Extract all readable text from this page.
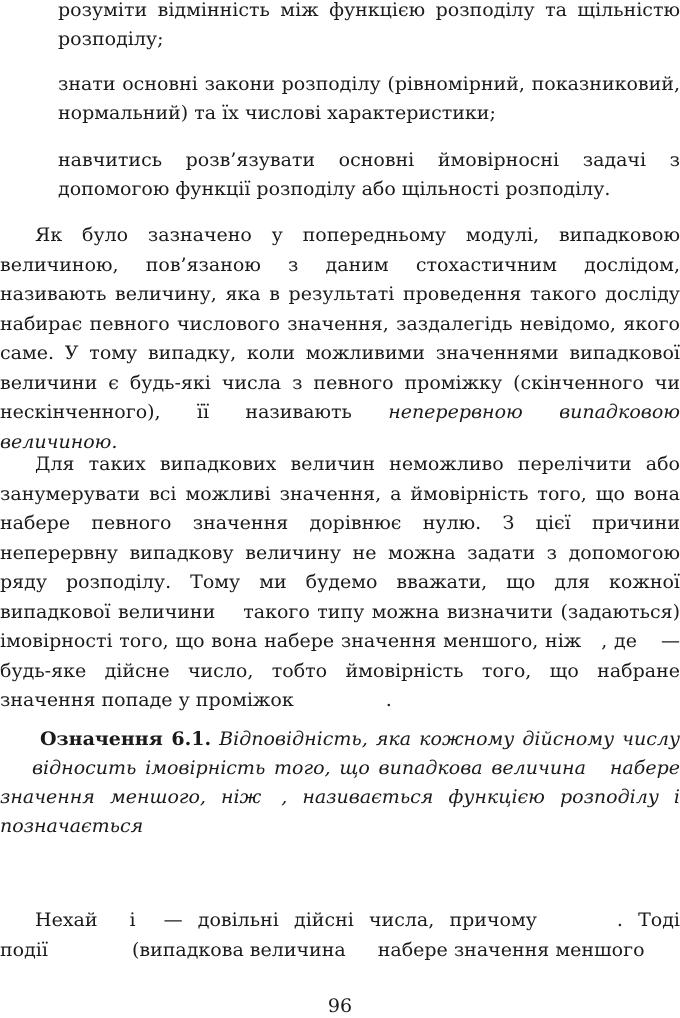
розуміти відмінність між функцією розподілу та щільністю розподілу;
знати основні закони розподілу (рівномірний, показниковий, нормальний) та їх числові характеристики;
навчитись розв’язувати основні ймовірносні задачі з допомогою функції розподілу або щільності розподілу.
Як було зазначено у попередньому модулі, випадковою величиною, пов’язаною з даним стохастичним дослідом, називають величину, яка в результаті проведення такого досліду набирає певного числового значення, заздалегідь невідомо, якого саме. У тому випадку, коли можливими значеннями випадкової величини є будь-які числа з певного проміжку (скінченного чи нескінченного), її називають неперервною випадковою величиною.
Для таких випадкових величин неможливо перелічити або занумерувати всі можливі значення, а ймовірність того, що вона набере певного значення дорівнює нулю. З цієї причини неперервну випадкову величину не можна задати з допомогою ряду розподілу. Тому ми будемо вважати, що для кожної випадкової величини такого типу можна визначити (задаються) імовірності того, що вона набере значення меншого, ніж , де — будь-яке дійсне число, тобто ймовірність того, що набране значення попаде у проміжок	.
Означення 6.1. Відповідність, яка кожному дійсному числувідносить імовірність того, що випадкова величина набере значення меншого, ніж , називається функцією розподілу і позначається
Нехай і — довільні дійсні числа, причому	. Тоді події	(випадкова величина набере значення меншого
96
